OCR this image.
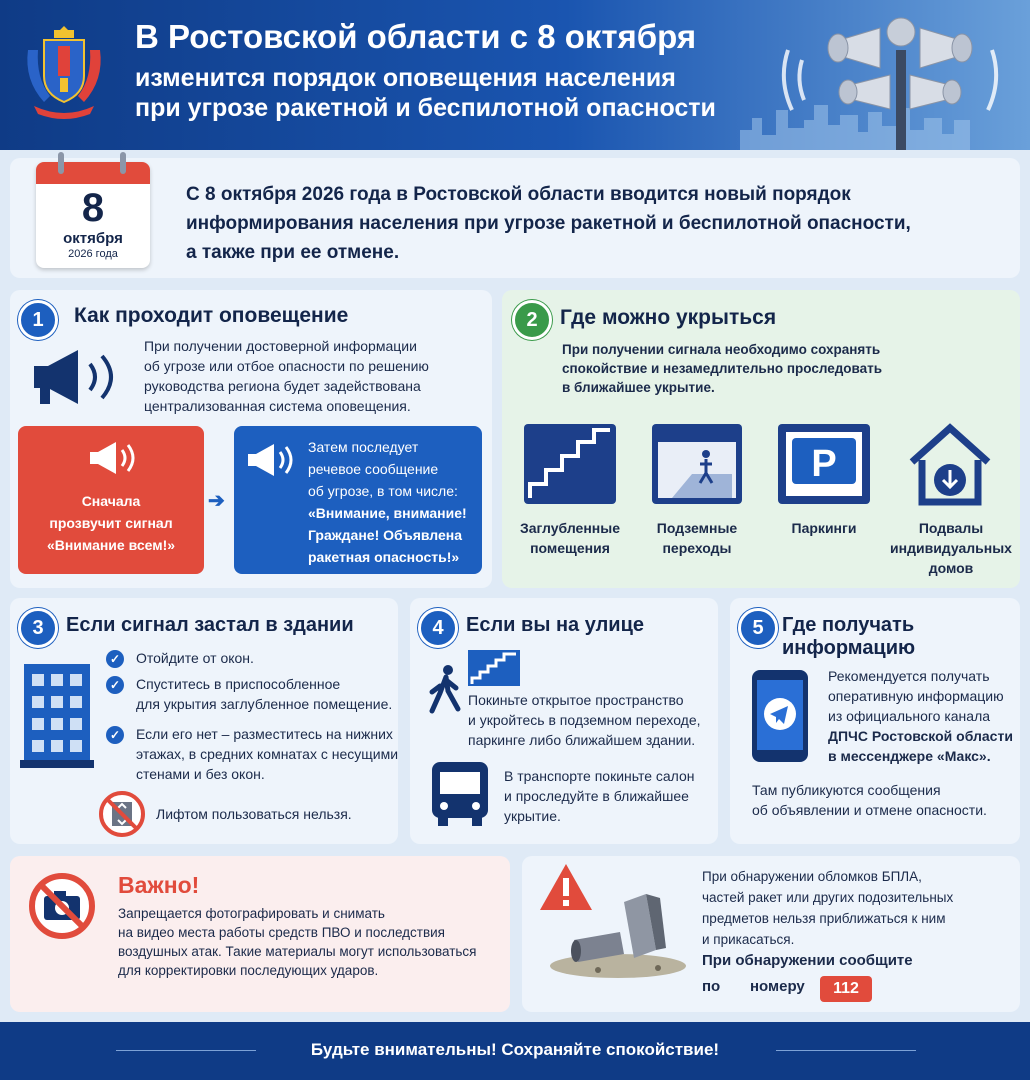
В Ростовской области с 8 октября
изменится порядок оповещения населения
при угрозе ракетной и беспилотной опасности
8
октября
2026 года
С 8 октября 2026 года в Ростовской области вводится новый порядок
информирования населения при угрозе ракетной и беспилотной опасности,
а также при ее отмене.
1	Как проходит оповещение
При получении достоверной информации
об угрозе или отбое опасности по решению
руководства региона будет задействована
централизованная система оповещения.
Сначала
прозвучит сигнал
«Внимание всем!»
➔
Затем последует
речевое сообщение
об угрозе, в том числе:
«Внимание, внимание!
Граждане! Объявлена
ракетная опасность!»
2	Где можно укрыться
При получении сигнала необходимо сохранять
спокойствие и незамедлительно проследовать
в ближайшее укрытие.
P
Заглубленные
помещения
Подземные
переходы
Паркинги	Подвалы
индивидуальных
домов
3	Если сигнал застал в здании
✓ Отойдите от окон.
✓ Спуститесь в приспособленное
для укрытия заглубленное помещение.
✓ Если его нет – разместитесь на нижних
этажах, в средних комнатах с несущими
стенами и без окон.
Лифтом пользоваться нельзя.
4	Если вы на улице
Покиньте открытое пространство
и укройтесь в подземном переходе,
паркинге либо ближайшем здании.
В транспорте покиньте салон
и проследуйте в ближайшее
укрытие.
5 Где получать информацию
Рекомендуется получать
оперативную информацию
из официального канала
ДПЧС Ростовской области
в мессенджере «Макс».
Там публикуются сообщения
об объявлении и отмене опасности.
Важно!
Запрещается фотографировать и снимать
на видео места работы средств ПВО и последствия
воздушных атак. Такие материалы могут использоваться
для корректировки последующих ударов.
При обнаружении обломков БПЛА,
частей ракет или других подозительных
предметов нельзя приближаться к ним
и прикасаться.
При обнаружении сообщите
по номеру	112
Будьте внимательны! Сохраняйте спокойствие!
